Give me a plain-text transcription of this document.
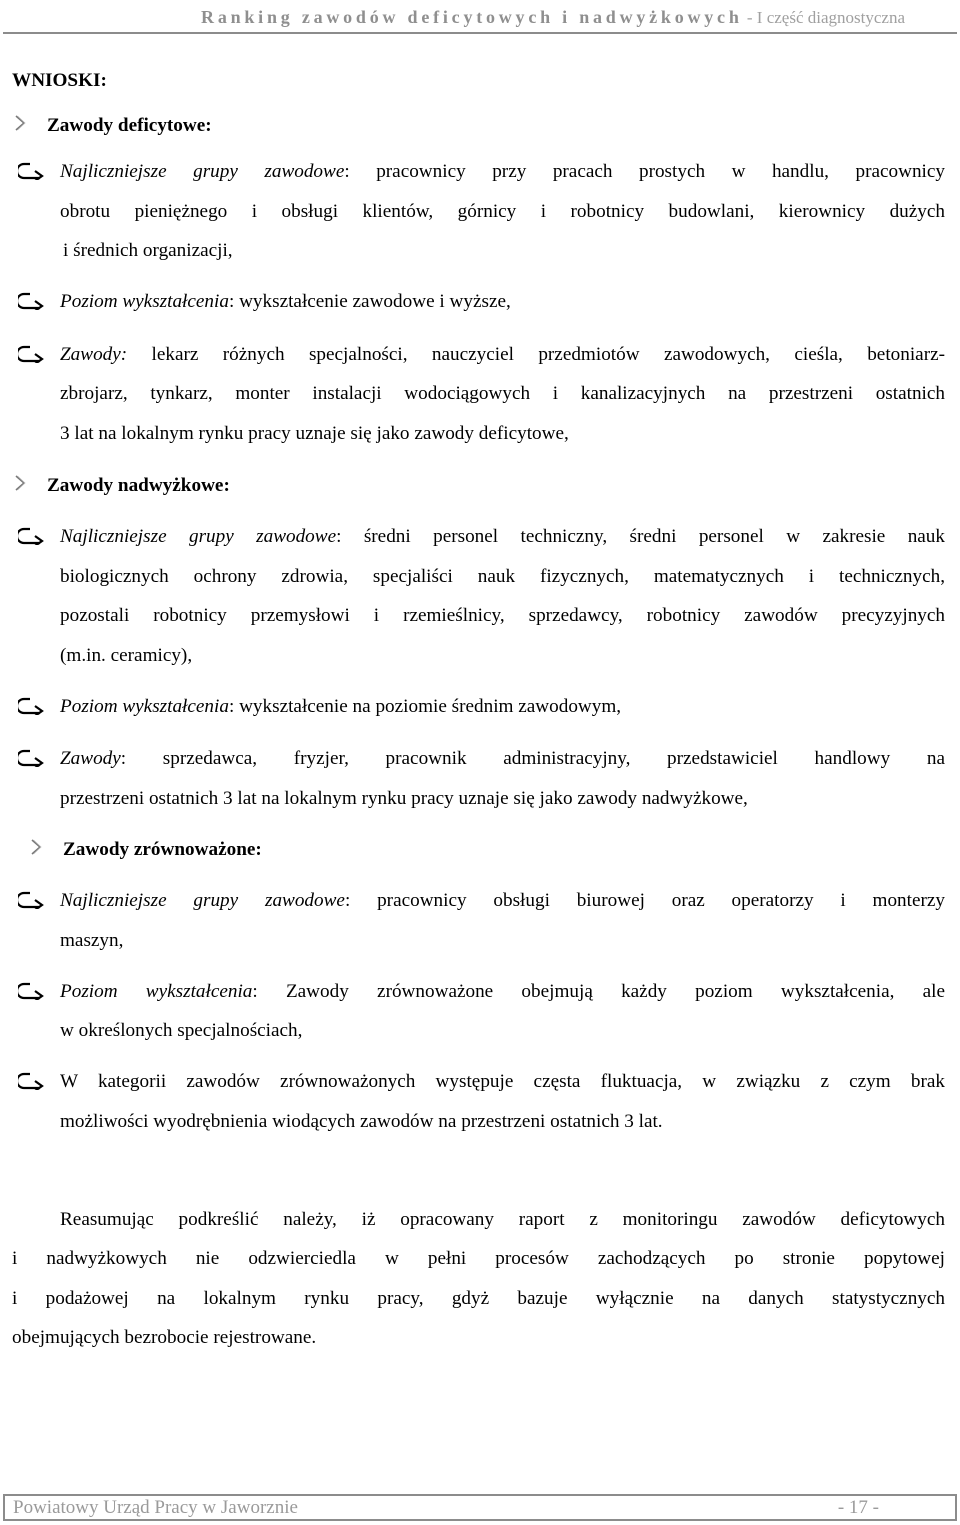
Ranking zawodów deficytowych i nadwyżkowych - I część diagnostyczna
WNIOSKI:
Zawody deficytowe:
Najliczniejsze grupy zawodowe: pracownicy przy pracach prostych w handlu, pracownicy
obrotu pieniężnego i obsługi klientów, górnicy i robotnicy budowlani, kierownicy dużych
i średnich organizacji,
Poziom wykształcenia: wykształcenie zawodowe i wyższe,
Zawody: lekarz różnych specjalności, nauczyciel przedmiotów zawodowych, cieśla, betoniarz-
zbrojarz, tynkarz, monter instalacji wodociągowych i kanalizacyjnych na przestrzeni ostatnich
3 lat na lokalnym rynku pracy uznaje się jako zawody deficytowe,
Zawody nadwyżkowe:
Najliczniejsze grupy zawodowe: średni personel techniczny, średni personel w zakresie nauk
biologicznych ochrony zdrowia, specjaliści nauk fizycznych, matematycznych i technicznych,
pozostali robotnicy przemysłowi i rzemieślnicy, sprzedawcy, robotnicy zawodów precyzyjnych
(m.in. ceramicy),
Poziom wykształcenia: wykształcenie na poziomie średnim zawodowym,
Zawody: sprzedawca, fryzjer, pracownik administracyjny, przedstawiciel handlowy na
przestrzeni ostatnich 3 lat na lokalnym rynku pracy uznaje się jako zawody nadwyżkowe,
Zawody zrównoważone:
Najliczniejsze grupy zawodowe: pracownicy obsługi biurowej oraz operatorzy i monterzy
maszyn,
Poziom wykształcenia: Zawody zrównoważone obejmują każdy poziom wykształcenia, ale
w określonych specjalnościach,
W kategorii zawodów zrównoważonych występuje częsta fluktuacja, w związku z czym brak
możliwości wyodrębnienia wiodących zawodów na przestrzeni ostatnich 3 lat.
Reasumując podkreślić należy, iż opracowany raport z monitoringu zawodów deficytowych
i nadwyżkowych nie odzwierciedla w pełni procesów zachodzących po stronie popytowej
i podażowej na lokalnym rynku pracy, gdyż bazuje wyłącznie na danych statystycznych
obejmujących bezrobocie rejestrowane.
Powiatowy Urząd Pracy w Jaworznie	- 17 -
